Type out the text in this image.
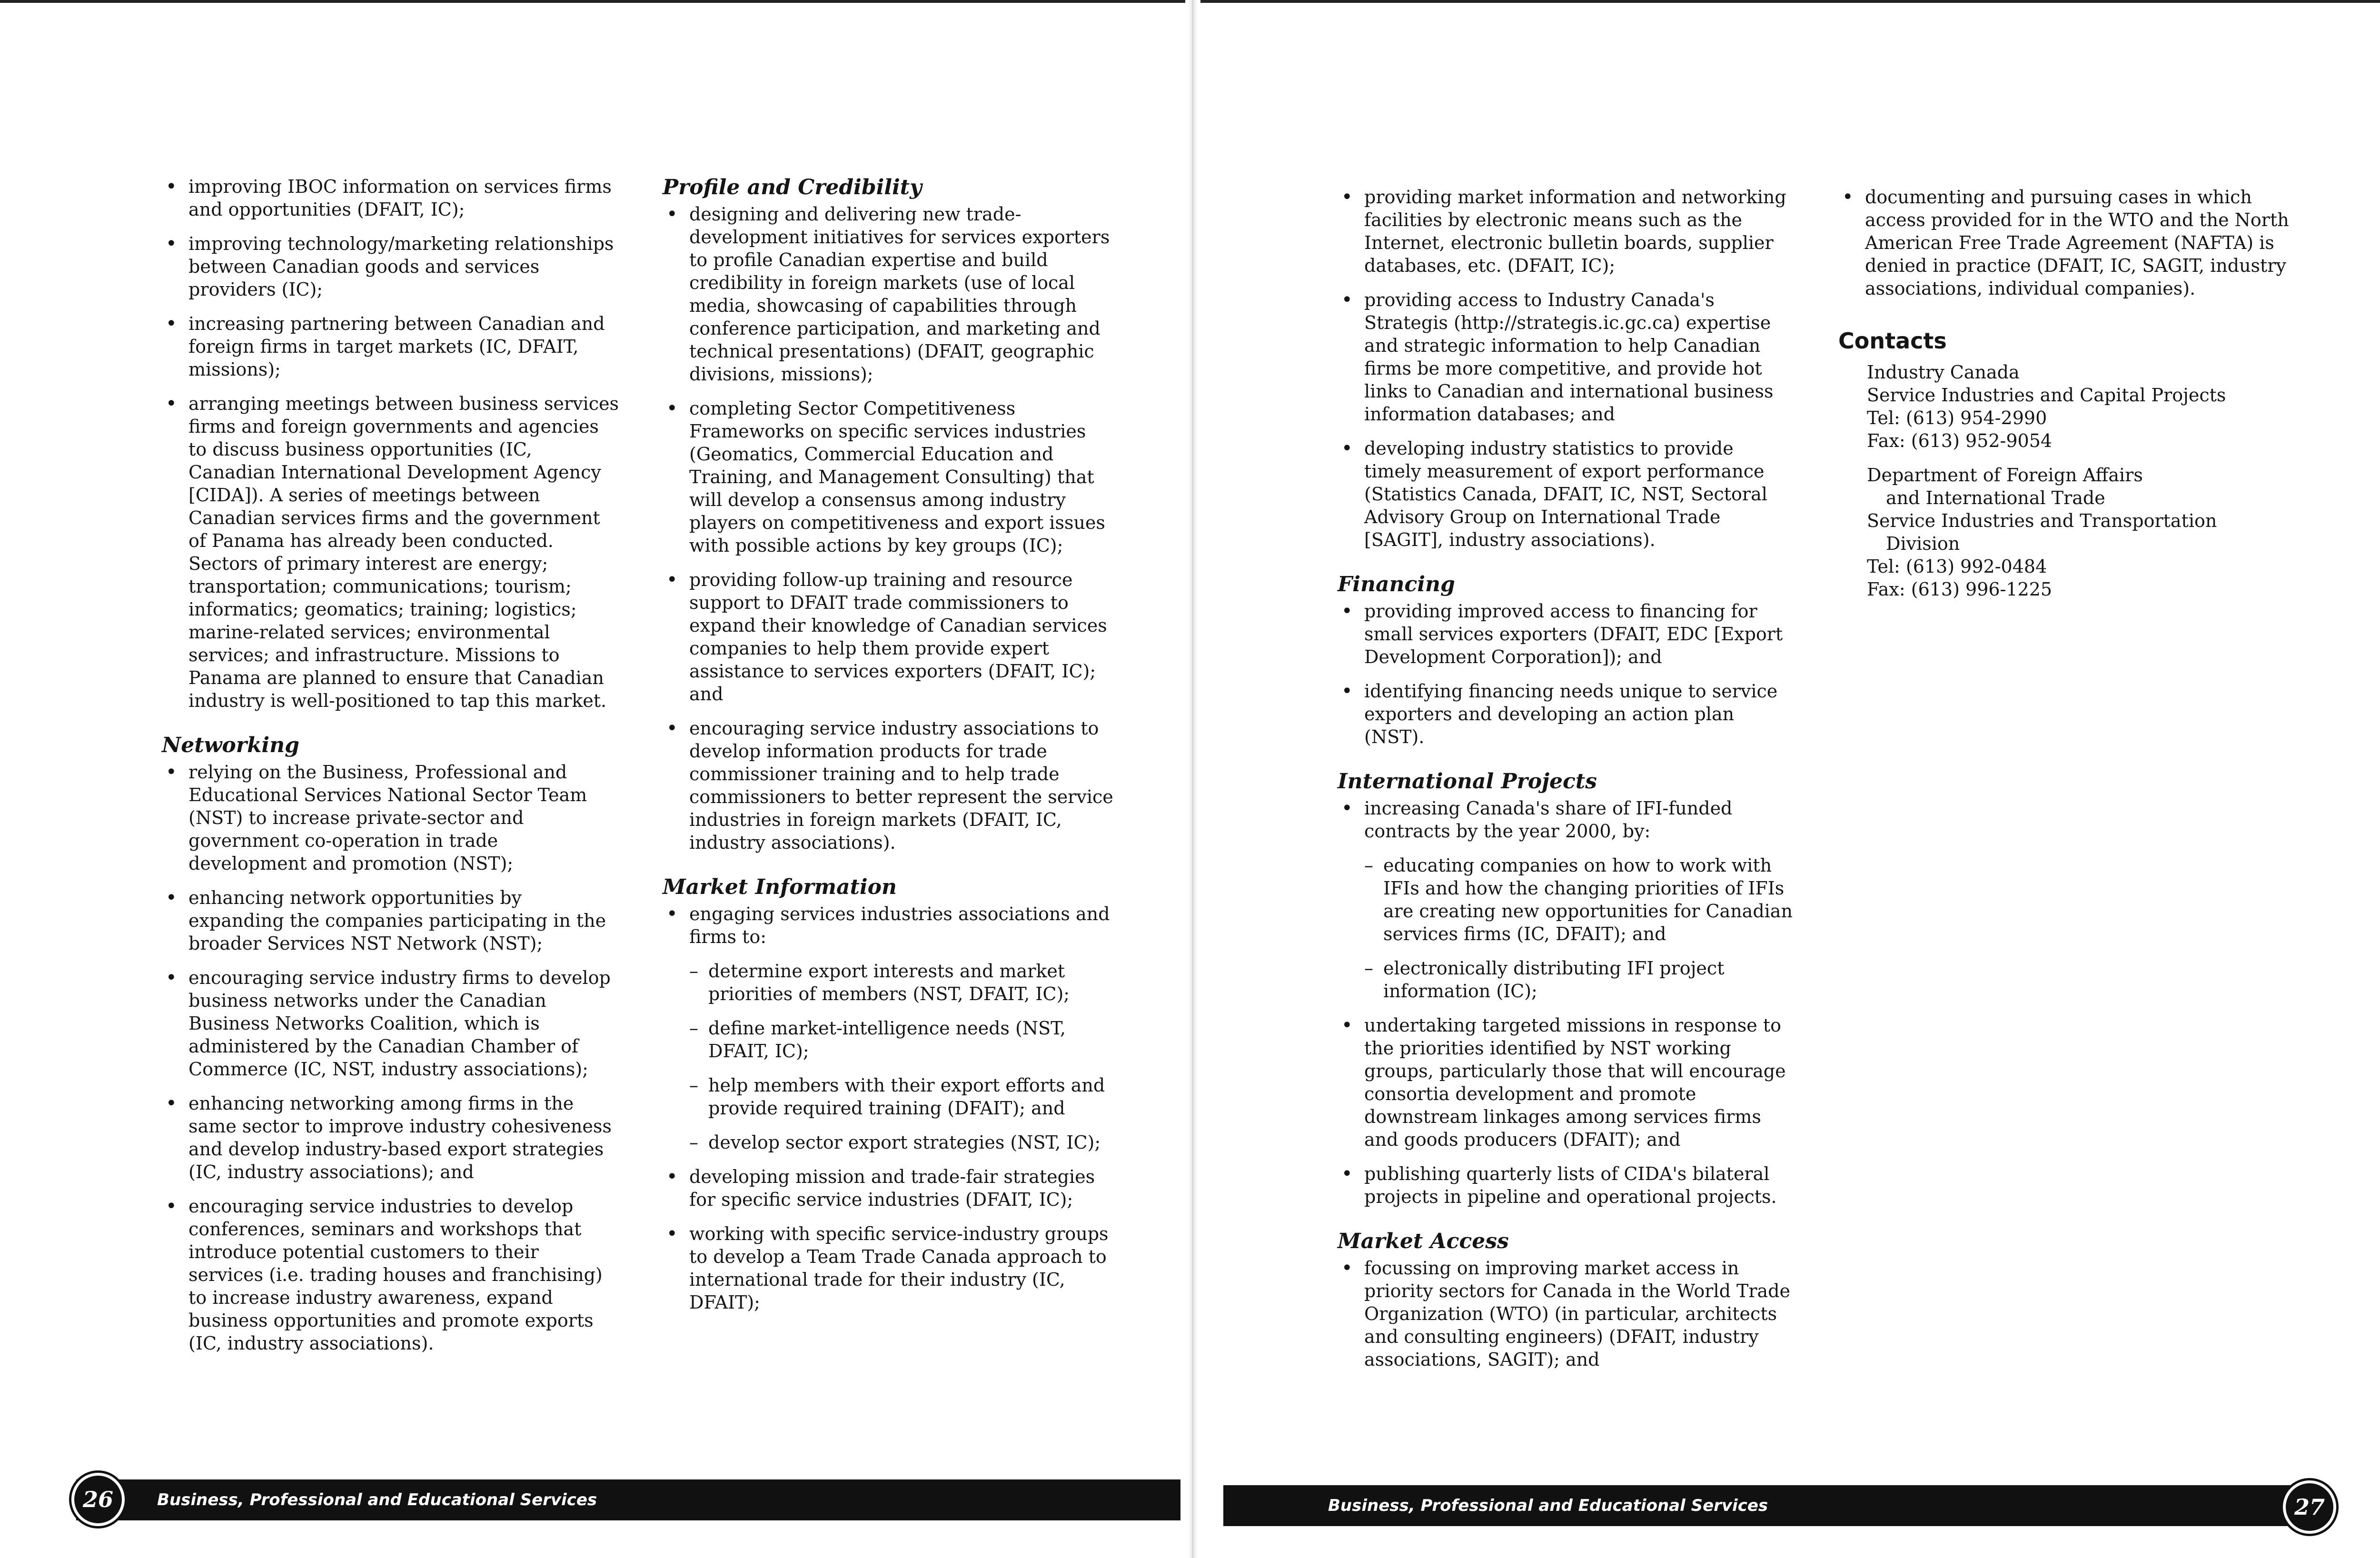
• improving IBOC information on services firms and opportunities (DFAIT, IC);
• improving technology/marketing relationships between Canadian goods and services providers (IC);
• increasing partnering between Canadian and foreign firms in target markets (IC, DFAIT, missions);
• arranging meetings between business services firms and foreign governments and agencies to discuss business opportunities (IC, Canadian International Development Agency [CIDA]). A series of meetings between Canadian services firms and the government of Panama has already been conducted. Sectors of primary interest are energy; transportation; communications; tourism; informatics; geomatics; training; logistics; marine-related services; environmental services; and infrastructure. Missions to Panama are planned to ensure that Canadian industry is well-positioned to tap this market.
Networking
• relying on the Business, Professional and Educational Services National Sector Team (NST) to increase private-sector and government co-operation in trade development and promotion (NST);
• enhancing network opportunities by expanding the companies participating in the broader Services NST Network (NST);
• encouraging service industry firms to develop business networks under the Canadian Business Networks Coalition, which is administered by the Canadian Chamber of Commerce (IC, NST, industry associations);
• enhancing networking among firms in the same sector to improve industry cohesiveness and develop industry-based export strategies (IC, industry associations); and
• encouraging service industries to develop conferences, seminars and workshops that introduce potential customers to their services (i.e. trading houses and franchising) to increase industry awareness, expand business opportunities and promote exports (IC, industry associations).
Profile and Credibility
• designing and delivering new trade-development initiatives for services exporters to profile Canadian expertise and build credibility in foreign markets (use of local media, showcasing of capabilities through conference participation, and marketing and technical presentations) (DFAIT, geographic divisions, missions);
• completing Sector Competitiveness Frameworks on specific services industries (Geomatics, Commercial Education and Training, and Management Consulting) that will develop a consensus among industry players on competitiveness and export issues with possible actions by key groups (IC);
• providing follow-up training and resource support to DFAIT trade commissioners to expand their knowledge of Canadian services companies to help them provide expert assistance to services exporters (DFAIT, IC); and
• encouraging service industry associations to develop information products for trade commissioner training and to help trade commissioners to better represent the service industries in foreign markets (DFAIT, IC, industry associations).
Market Information
• engaging services industries associations and firms to:
– determine export interests and market priorities of members (NST, DFAIT, IC);
– define market-intelligence needs (NST, DFAIT, IC);
– help members with their export efforts and provide required training (DFAIT); and
– develop sector export strategies (NST, IC);
• developing mission and trade-fair strategies for specific service industries (DFAIT, IC);
• working with specific service-industry groups to develop a Team Trade Canada approach to international trade for their industry (IC, DFAIT);
Business, Professional and Educational Services
26
• providing market information and networking facilities by electronic means such as the Internet, electronic bulletin boards, supplier databases, etc. (DFAIT, IC);
• providing access to Industry Canada's Strategis (http://strategis.ic.gc.ca) expertise and strategic information to help Canadian firms be more competitive, and provide hot links to Canadian and international business information databases; and
• developing industry statistics to provide timely measurement of export performance (Statistics Canada, DFAIT, IC, NST, Sectoral Advisory Group on International Trade [SAGIT], industry associations).
Financing
• providing improved access to financing for small services exporters (DFAIT, EDC [Export Development Corporation]); and
• identifying financing needs unique to service exporters and developing an action plan (NST).
International Projects
• increasing Canada's share of IFI-funded contracts by the year 2000, by:
– educating companies on how to work with IFIs and how the changing priorities of IFIs are creating new opportunities for Canadian services firms (IC, DFAIT); and
– electronically distributing IFI project information (IC);
• undertaking targeted missions in response to the priorities identified by NST working groups, particularly those that will encourage consortia development and promote downstream linkages among services firms and goods producers (DFAIT); and
• publishing quarterly lists of CIDA's bilateral projects in pipeline and operational projects.
Market Access
• focussing on improving market access in priority sectors for Canada in the World Trade Organization (WTO) (in particular, architects and consulting engineers) (DFAIT, industry associations, SAGIT); and
• documenting and pursuing cases in which access provided for in the WTO and the North American Free Trade Agreement (NAFTA) is denied in practice (DFAIT, IC, SAGIT, industry associations, individual companies).
Contacts
Industry Canada
Service Industries and Capital Projects
Tel: (613) 954-2990
Fax: (613) 952-9054
Department of Foreign Affairs
and International Trade
Service Industries and Transportation
Division
Tel: (613) 992-0484
Fax: (613) 996-1225
Business, Professional and Educational Services	27
